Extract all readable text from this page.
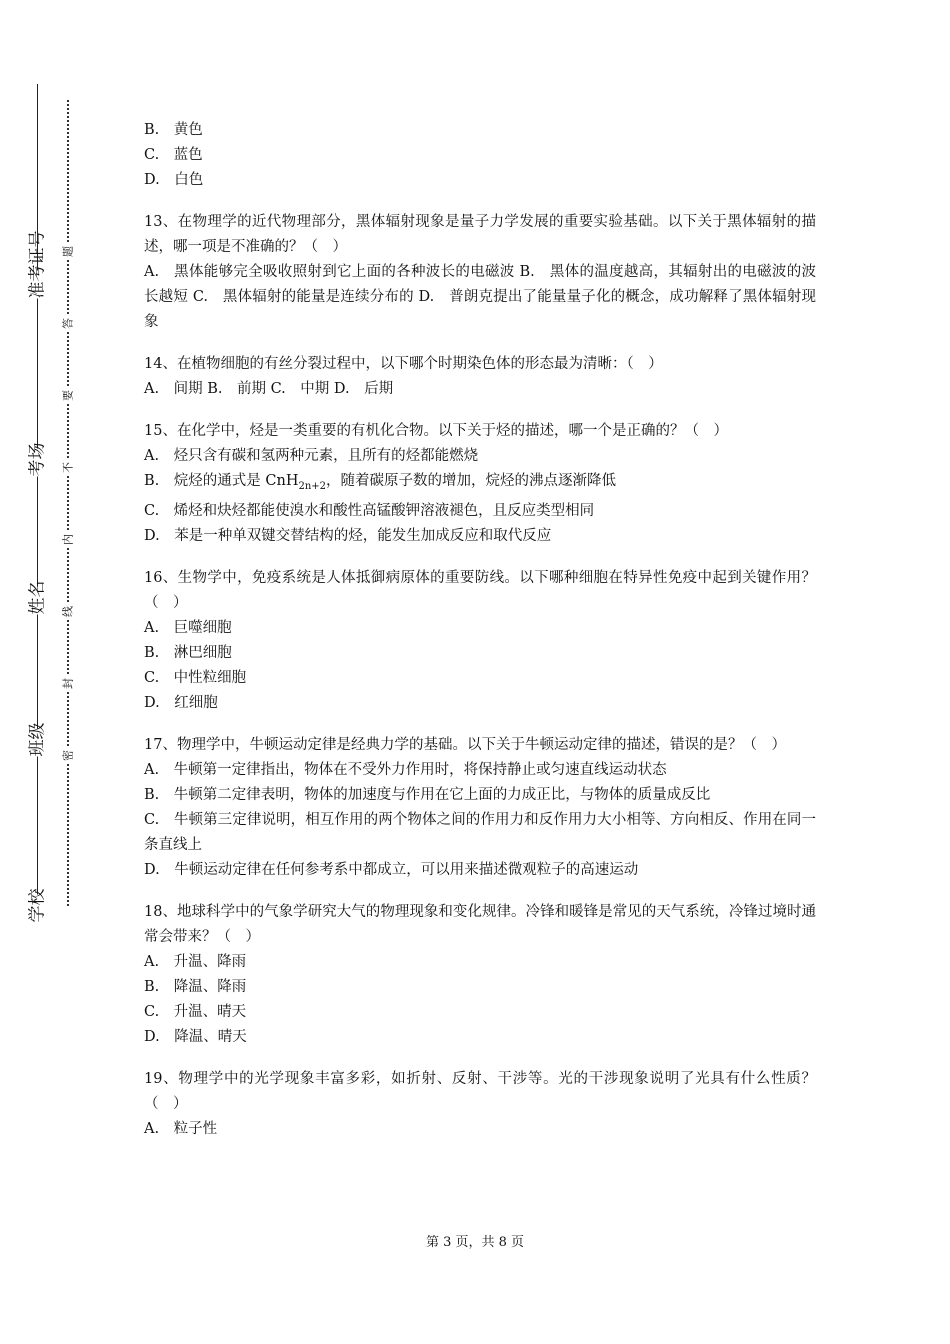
准考证号
考场
姓名
班级
学校
题
答
要
不
内
线
封
密

B.　黄色

C.　蓝色

D.　白色

13、在物理学的近代物理部分，黑体辐射现象是量子力学发展的重要实验基础。以下关于黑体辐射的描述，哪一项是不准确的？（　）

A.　黑体能够完全吸收照射到它上面的各种波长的电磁波 B.　黑体的温度越高，其辐射出的电磁波的波长越短 C.　黑体辐射的能量是连续分布的 D.　普朗克提出了能量量子化的概念，成功解释了黑体辐射现象

14、在植物细胞的有丝分裂过程中，以下哪个时期染色体的形态最为清晰：（　）

A.　间期 B.　前期 C.　中期 D.　后期

15、在化学中，烃是一类重要的有机化合物。以下关于烃的描述，哪一个是正确的？（　）

A.　烃只含有碳和氢两种元素，且所有的烃都能燃烧

B.　烷烃的通式是 CnH$_{2n+2}$，随着碳原子数的增加，烷烃的沸点逐渐降低

C.　烯烃和炔烃都能使溴水和酸性高锰酸钾溶液褪色，且反应类型相同

D.　苯是一种单双键交替结构的烃，能发生加成反应和取代反应

16、生物学中，免疫系统是人体抵御病原体的重要防线。以下哪种细胞在特异性免疫中起到关键作用？（　）

A.　巨噬细胞

B.　淋巴细胞

C.　中性粒细胞

D.　红细胞

17、物理学中，牛顿运动定律是经典力学的基础。以下关于牛顿运动定律的描述，错误的是？（　）

A.　牛顿第一定律指出，物体在不受外力作用时，将保持静止或匀速直线运动状态

B.　牛顿第二定律表明，物体的加速度与作用在它上面的力成正比，与物体的质量成反比

C.　牛顿第三定律说明，相互作用的两个物体之间的作用力和反作用力大小相等、方向相反、作用在同一条直线上

D.　牛顿运动定律在任何参考系中都成立，可以用来描述微观粒子的高速运动

18、地球科学中的气象学研究大气的物理现象和变化规律。冷锋和暖锋是常见的天气系统，冷锋过境时通常会带来？（　）

A.　升温、降雨

B.　降温、降雨

C.　升温、晴天

D.　降温、晴天

19、物理学中的光学现象丰富多彩，如折射、反射、干涉等。光的干涉现象说明了光具有什么性质？（　）

A.　粒子性

第 3 页，共 8 页
